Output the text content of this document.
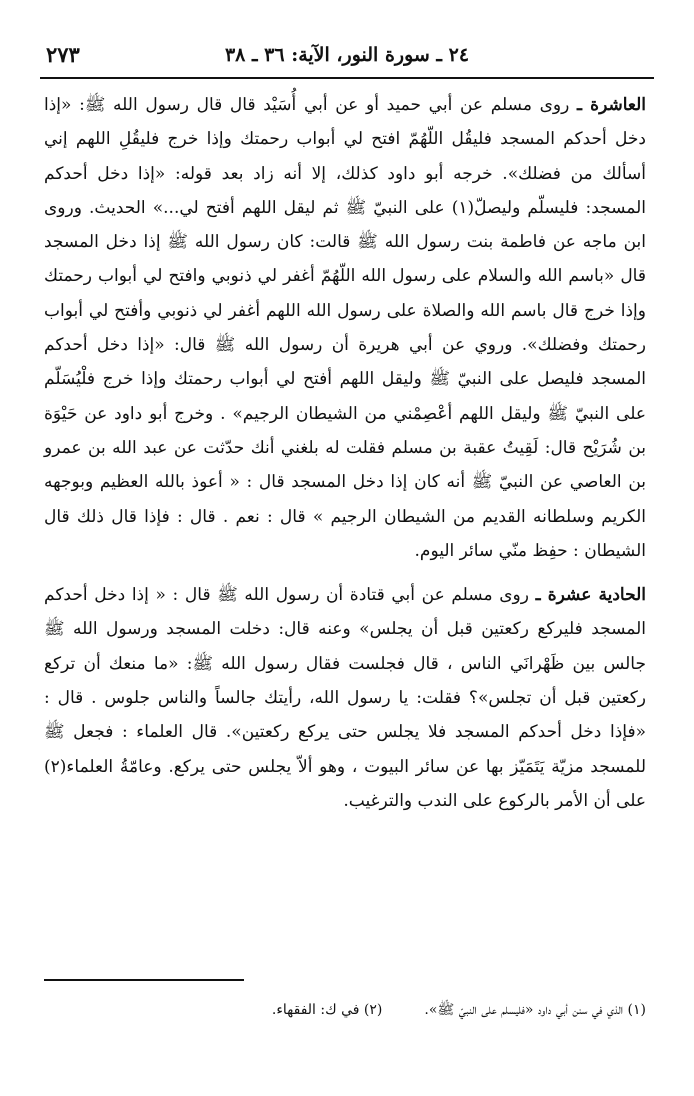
٢٤ ـ سورة النور، الآية: ٣٦ ـ ٣٨
٢٧٣

العاشرة ـ روى مسلم عن أبي حميد أو عن أبي أُسَيْد قال قال رسول الله ﷺ: «إذا دخل أحدكم المسجد فليقُل اللّهُمّ افتح لي أبواب رحمتك وإذا خرج فليقُلِ اللهم إني أسألك من فضلك». خرجه أبو داود كذلك، إلا أنه زاد بعد قوله: «إذا دخل أحدكم المسجد: فليسلّم وليصلّ(١) على النبيّ ﷺ ثم ليقل اللهم أفتح لي...» الحديث. وروى ابن ماجه عن فاطمة بنت رسول الله ﷺ قالت: كان رسول الله ﷺ إذا دخل المسجد قال «باسم الله والسلام على رسول الله اللّهُمّ أغفر لي ذنوبي وافتح لي أبواب رحمتك وإذا خرج قال باسم الله والصلاة على رسول الله اللهم أغفر لي ذنوبي وأفتح لي أبواب رحمتك وفضلك». وروي عن أبي هريرة أن رسول الله ﷺ قال: «إذا دخل أحدكم المسجد فليصل على النبيّ ﷺ وليقل اللهم أفتح لي أبواب رحمتك وإذا خرج فلْيُسَلّم على النبيّ ﷺ وليقل اللهم أعْصِمْني من الشيطان الرجيم» . وخرج أبو داود عن حَيْوَة بن شُرَيْح قال: لَقِيتُ عقبة بن مسلم فقلت له بلغني أنك حدّثت عن عبد الله بن عمرو بن العاصي عن النبيّ ﷺ أنه كان إذا دخل المسجد قال : « أعوذ بالله العظيم وبوجهه الكريم وسلطانه القديم من الشيطان الرجيم » قال : نعم . قال : فإذا قال ذلك قال الشيطان : حفِظ منّي سائر اليوم.

الحادية عشرة ـ روى مسلم عن أبي قتادة أن رسول الله ﷺ قال : « إذا دخل أحدكم المسجد فليركع ركعتين قبل أن يجلس» وعنه قال: دخلت المسجد ورسول الله ﷺ جالس بين ظَهْرانَي الناس ، قال فجلست فقال رسول الله ﷺ: «ما منعك أن تركع ركعتين قبل أن تجلس»؟ فقلت: يا رسول الله، رأيتك جالساً والناس جلوس . قال : «فإذا دخل أحدكم المسجد فلا يجلس حتى يركع ركعتين». قال العلماء : فجعل ﷺ للمسجد مزيّة يَتَمَيّز بها عن سائر البيوت ، وهو ألاّ يجلس حتى يركع. وعامّةُ العلماء(٢) على أن الأمر بالركوع على الندب والترغيب.

(١) الذي في سنن أبي داود «فليسلم على النبيّ ﷺ».(٢) في ك: الفقهاء.
